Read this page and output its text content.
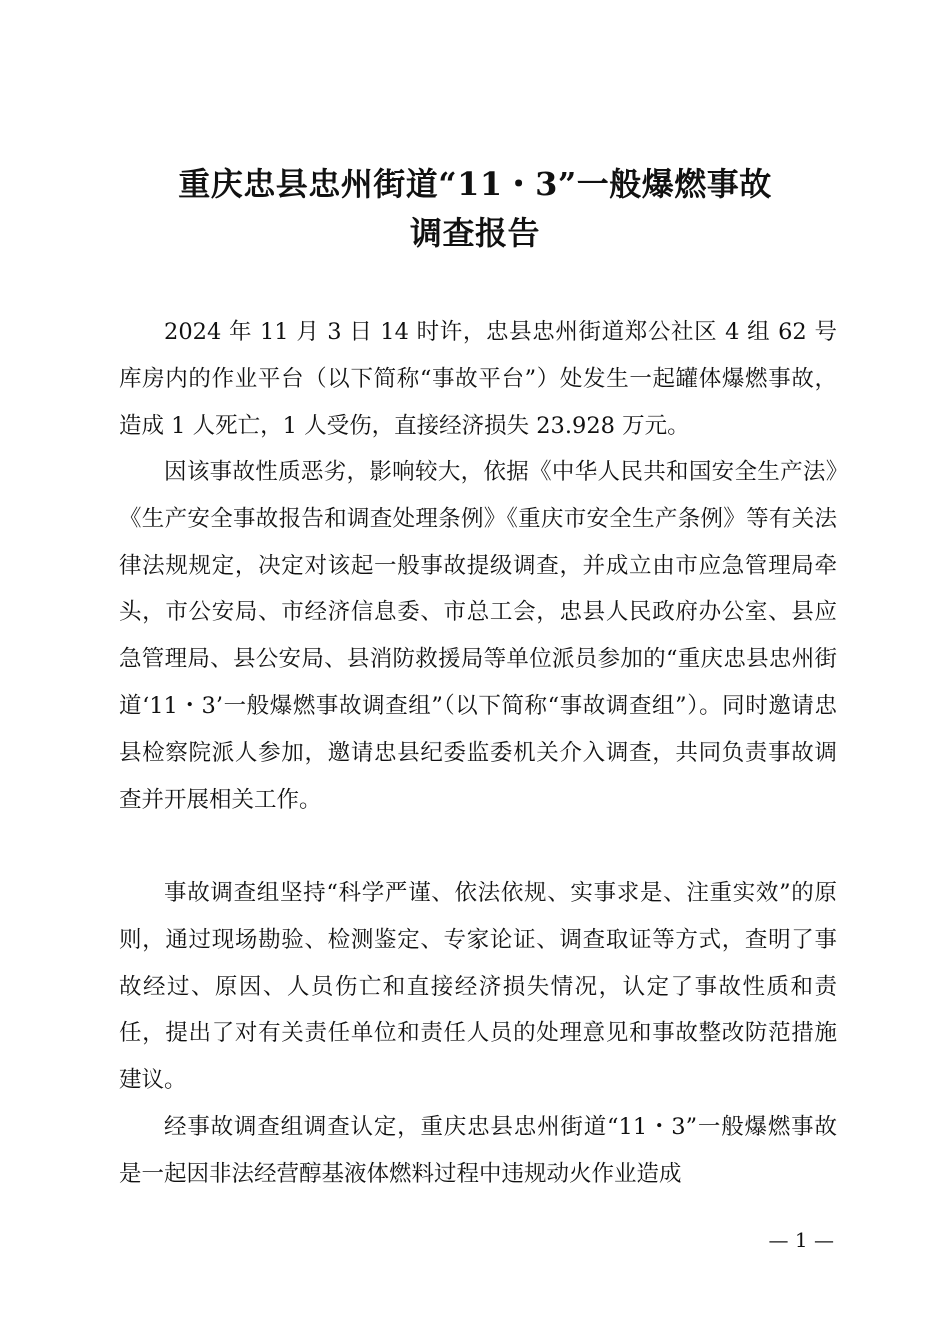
重庆忠县忠州街道“11・3”一般爆燃事故
调查报告

2024 年 11 月 3 日 14 时许，忠县忠州街道郑公社区 4 组 62 号库房内的作业平台（以下简称“事故平台”）处发生一起罐体爆燃事故，造成 1 人死亡，1 人受伤，直接经济损失 23.928 万元。

因该事故性质恶劣，影响较大，依据《中华人民共和国安全生产法》《生产安全事故报告和调查处理条例》《重庆市安全生产条例》等有关法律法规规定，决定对该起一般事故提级调查，并成立由市应急管理局牵头，市公安局、市经济信息委、市总工会，忠县人民政府办公室、县应急管理局、县公安局、县消防救援局等单位派员参加的“重庆忠县忠州街道‘11・3’一般爆燃事故调查组”（以下简称“事故调查组”）。同时邀请忠县检察院派人参加，邀请忠县纪委监委机关介入调查，共同负责事故调查并开展相关工作。

事故调查组坚持“科学严谨、依法依规、实事求是、注重实效”的原则，通过现场勘验、检测鉴定、专家论证、调查取证等方式，查明了事故经过、原因、人员伤亡和直接经济损失情况，认定了事故性质和责任，提出了对有关责任单位和责任人员的处理意见和事故整改防范措施建议。

经事故调查组调查认定，重庆忠县忠州街道“11・3”一般爆燃事故是一起因非法经营醇基液体燃料过程中违规动火作业造成

— 1 —
